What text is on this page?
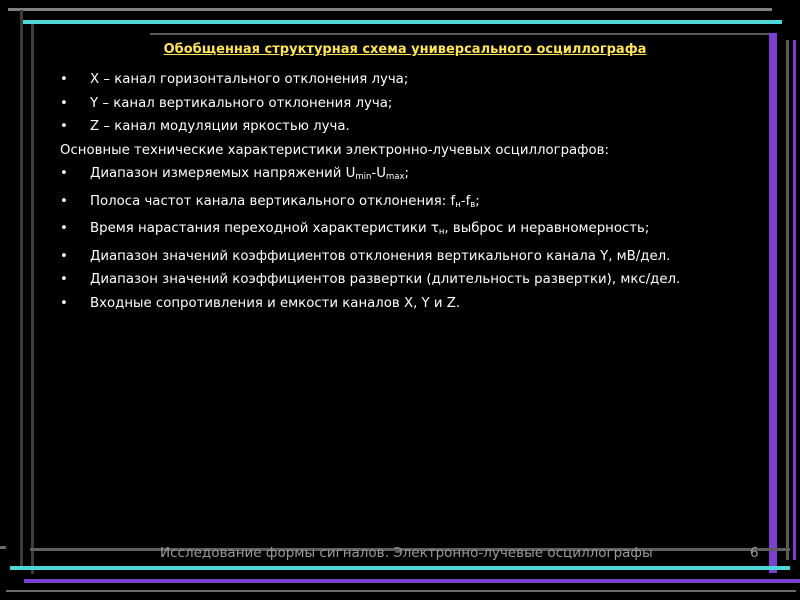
Обобщенная структурная схема универсального осциллографа
• X – канал горизонтального отклонения луча;
• Y – канал вертикального отклонения луча;
• Z – канал модуляции яркостью луча.

Основные технические характеристики электронно-лучевых осциллографов:

• Диапазон измеряемых напряжений $U_{min}-U_{max}$;
• Полоса частот канала вертикального отклонения: $f_н-f_в$;
• Время нарастания переходной характеристики $\tau_н$, выброс и неравномерность;
• Диапазон значений коэффициентов отклонения вертикального канала Y, мВ/дел.
• Диапазон значений коэффициентов развертки (длительность развертки), мкс/дел.
• Входные сопротивления и емкости каналов X, Y и Z.
Исследование формы сигналов. Электронно-лучевые осциллографы	6
